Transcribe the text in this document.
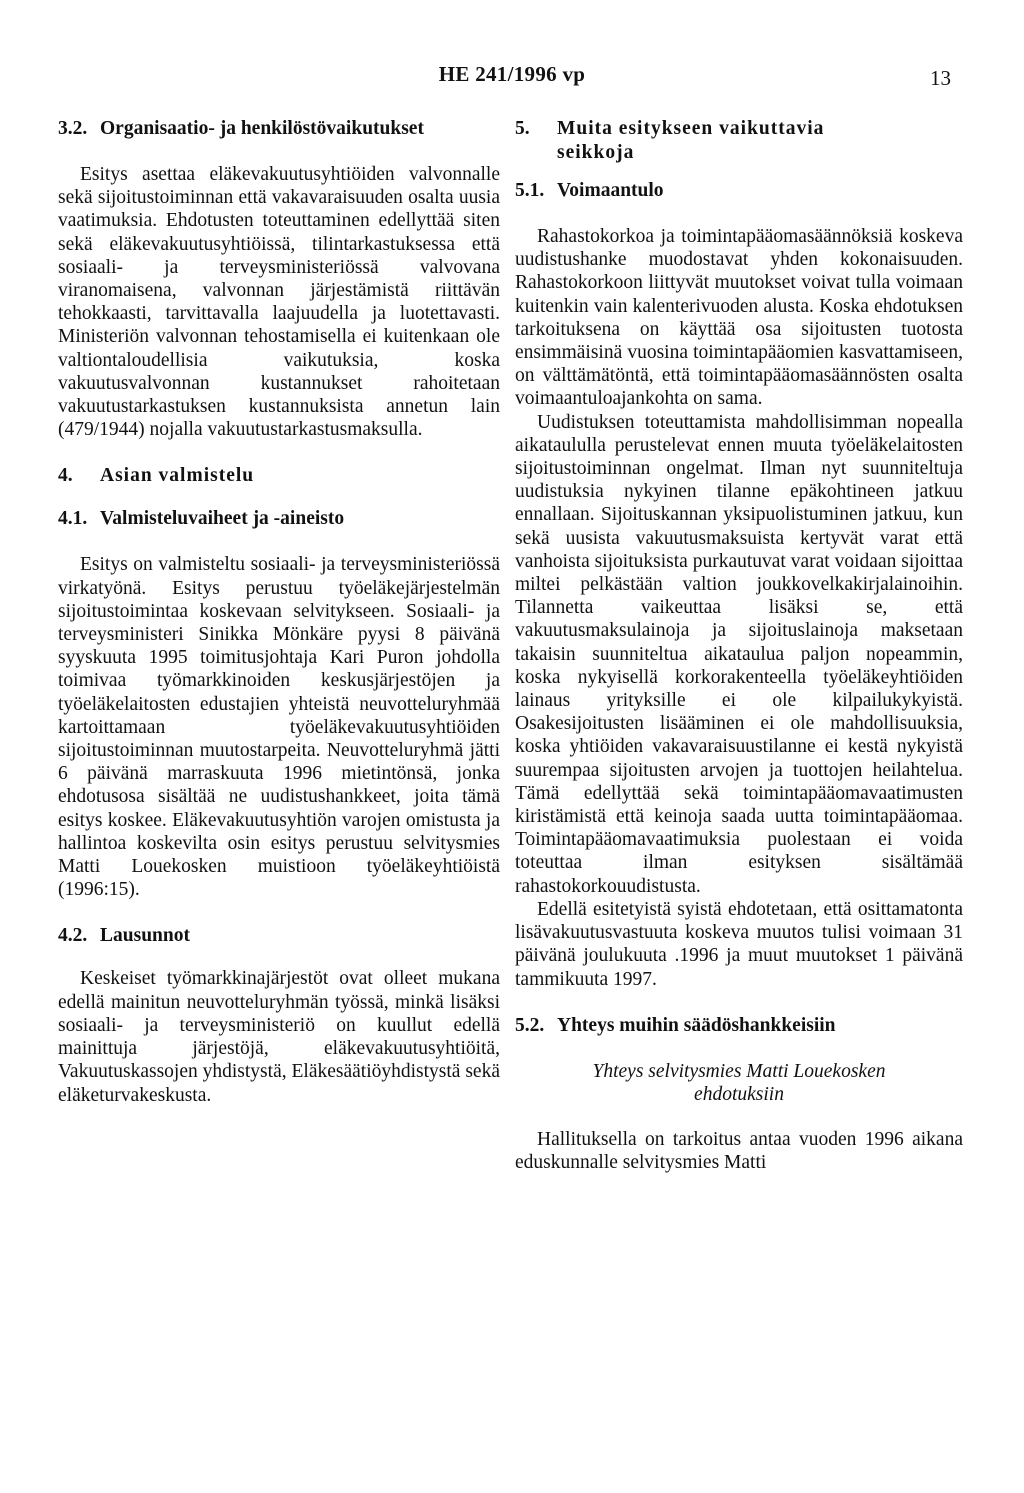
HE 241/1996 vp	13
3.2. Organisaatio- ja henkilöstövaikutukset

Esitys asettaa eläkevakuutusyhtiöiden valvonnalle sekä sijoitustoiminnan että vakavaraisuuden osalta uusia vaatimuksia. Ehdotusten toteuttaminen edellyttää siten sekä eläkevakuutusyhtiöissä, tilintarkastuksessa että sosiaali- ja terveysministeriössä valvovana viranomaisena, valvonnan järjestämistä riittävän tehokkaasti, tarvittavalla laajuudella ja luotettavasti. Ministeriön valvonnan tehostamisella ei kuitenkaan ole valtiontaloudellisia vaikutuksia, koska vakuutusvalvonnan kustannukset rahoitetaan vakuutustarkastuksen kustannuksista annetun lain (479/1944) nojalla vakuutustarkastusmaksulla.

4. Asian valmistelu
4.1. Valmisteluvaiheet ja -aineisto

Esitys on valmisteltu sosiaali- ja terveysministeriössä virkatyönä. Esitys perustuu työeläkejärjestelmän sijoitustoimintaa koskevaan selvitykseen. Sosiaali- ja terveysministeri Sinikka Mönkäre pyysi 8 päivänä syyskuuta 1995 toimitusjohtaja Kari Puron johdolla toimivaa työmarkkinoiden keskusjärjestöjen ja työeläkelaitosten edustajien yhteistä neuvotteluryhmää kartoittamaan työeläkevakuutusyhtiöiden sijoitustoiminnan muutostarpeita. Neuvotteluryhmä jätti 6 päivänä marraskuuta 1996 mietintönsä, jonka ehdotusosa sisältää ne uudistushankkeet, joita tämä esitys koskee. Eläkevakuutusyhtiön varojen omistusta ja hallintoa koskevilta osin esitys perustuu selvitysmies Matti Louekosken muistioon työeläkeyhtiöistä (1996:15).

4.2. Lausunnot

Keskeiset työmarkkinajärjestöt ovat olleet mukana edellä mainitun neuvotteluryhmän työssä, minkä lisäksi sosiaali- ja terveysministeriö on kuullut edellä mainittuja järjestöjä, eläkevakuutusyhtiöitä, Vakuutuskassojen yhdistystä, Eläkesäätiöyhdistystä sekä eläketurvakeskusta.

5.	Muita esitykseen vaikuttavia seikkoja
5.1. Voimaantulo

Rahastokorkoa ja toimintapääomasäännöksiä koskeva uudistushanke muodostavat yhden kokonaisuuden. Rahastokorkoon liittyvät muutokset voivat tulla voimaan kuitenkin vain kalenterivuoden alusta. Koska ehdotuksen tarkoituksena on käyttää osa sijoitusten tuotosta ensimmäisinä vuosina toimintapääomien kasvattamiseen, on välttämätöntä, että toimintapääomasäännösten osalta voimaantuloajankohta on sama.

Uudistuksen toteuttamista mahdollisimman nopealla aikataululla perustelevat ennen muuta työeläkelaitosten sijoitustoiminnan ongelmat. Ilman nyt suunniteltuja uudistuksia nykyinen tilanne epäkohtineen jatkuu ennallaan. Sijoituskannan yksipuolistuminen jatkuu, kun sekä uusista vakuutusmaksuista kertyvät varat että vanhoista sijoituksista purkautuvat varat voidaan sijoittaa miltei pelkästään valtion joukkovelkakirjalainoihin. Tilannetta vaikeuttaa lisäksi se, että vakuutusmaksulainoja ja sijoituslainoja maksetaan takaisin suunniteltua aikataulua paljon nopeammin, koska nykyisellä korkorakenteella työeläkeyhtiöiden lainaus yrityksille ei ole kilpailukykyistä. Osakesijoitusten lisääminen ei ole mahdollisuuksia, koska yhtiöiden vakavaraisuustilanne ei kestä nykyistä suurempaa sijoitusten arvojen ja tuottojen heilahtelua. Tämä edellyttää sekä toimintapääomavaatimusten kiristämistä että keinoja saada uutta toimintapääomaa. Toimintapääomavaatimuksia puolestaan ei voida toteuttaa ilman esityksen sisältämää rahastokorkouudistusta.

Edellä esitetyistä syistä ehdotetaan, että osittamatonta lisävakuutusvastuuta koskeva muutos tulisi voimaan 31 päivänä joulukuuta .1996 ja muut muutokset 1 päivänä tammikuuta 1997.

5.2. Yhteys muihin säädöshankkeisiin

Yhteys selvitysmies Matti Louekosken ehdotuksiin

Hallituksella on tarkoitus antaa vuoden 1996 aikana eduskunnalle selvitysmies Matti
